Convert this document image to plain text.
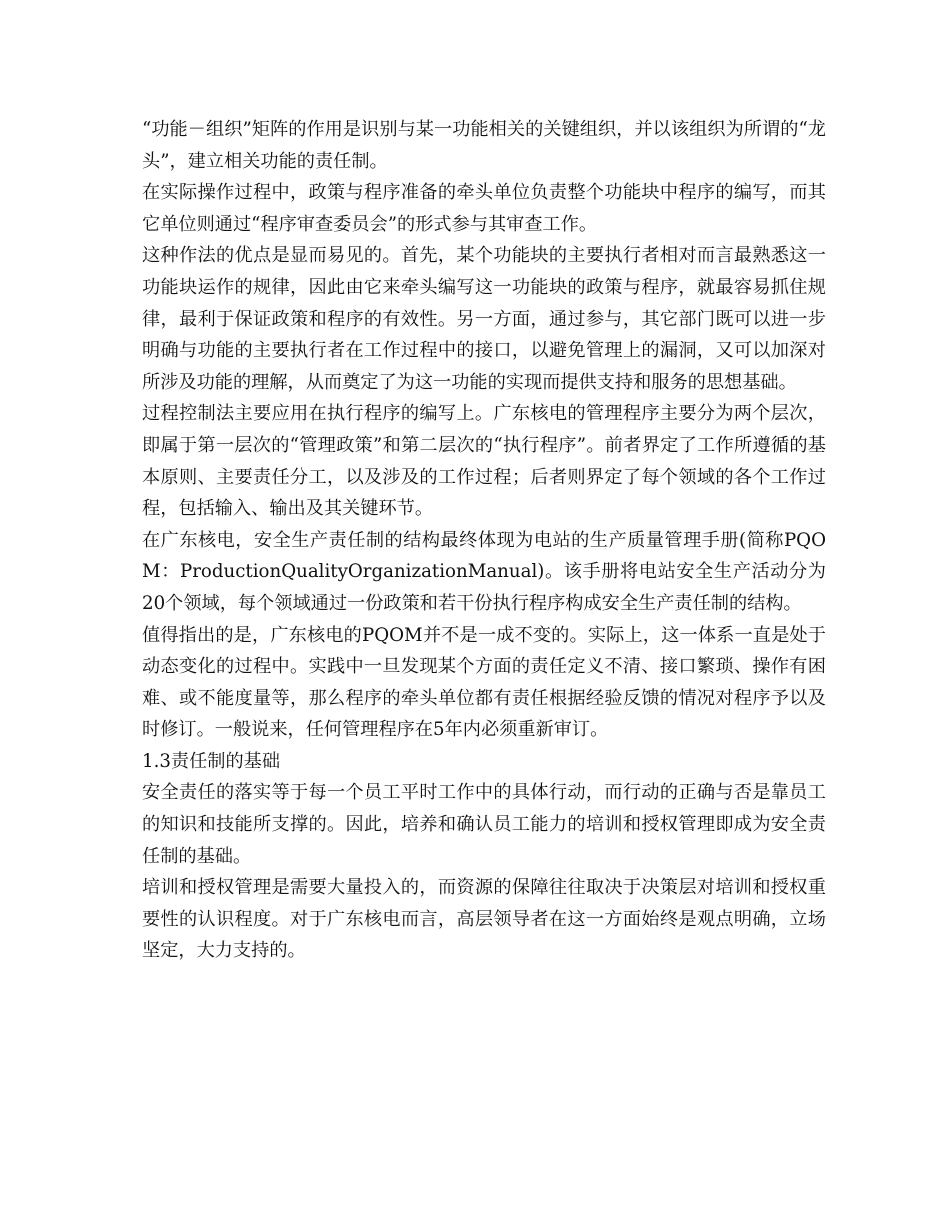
“功能－组织”矩阵的作用是识别与某一功能相关的关键组织，并以该组织为所谓的“龙头”，建立相关功能的责任制。

在实际操作过程中，政策与程序准备的牵头单位负责整个功能块中程序的编写，而其它单位则通过“程序审查委员会”的形式参与其审查工作。

这种作法的优点是显而易见的。首先，某个功能块的主要执行者相对而言最熟悉这一功能块运作的规律，因此由它来牵头编写这一功能块的政策与程序，就最容易抓住规律，最利于保证政策和程序的有效性。另一方面，通过参与，其它部门既可以进一步明确与功能的主要执行者在工作过程中的接口，以避免管理上的漏洞，又可以加深对所涉及功能的理解，从而奠定了为这一功能的实现而提供支持和服务的思想基础。

过程控制法主要应用在执行程序的编写上。广东核电的管理程序主要分为两个层次，即属于第一层次的“管理政策”和第二层次的“执行程序”。前者界定了工作所遵循的基本原则、主要责任分工，以及涉及的工作过程；后者则界定了每个领域的各个工作过程，包括输入、输出及其关键环节。

在广东核电，安全生产责任制的结构最终体现为电站的生产质量管理手册(简称PQOM：ProductionQualityOrganizationManual)。该手册将电站安全生产活动分为20个领域，每个领域通过一份政策和若干份执行程序构成安全生产责任制的结构。

值得指出的是，广东核电的PQOM并不是一成不变的。实际上，这一体系一直是处于动态变化的过程中。实践中一旦发现某个方面的责任定义不清、接口繁琐、操作有困难、或不能度量等，那么程序的牵头单位都有责任根据经验反馈的情况对程序予以及时修订。一般说来，任何管理程序在5年内必须重新审订。

1.3责任制的基础

安全责任的落实等于每一个员工平时工作中的具体行动，而行动的正确与否是靠员工的知识和技能所支撑的。因此，培养和确认员工能力的培训和授权管理即成为安全责任制的基础。

培训和授权管理是需要大量投入的，而资源的保障往往取决于决策层对培训和授权重要性的认识程度。对于广东核电而言，高层领导者在这一方面始终是观点明确，立场坚定，大力支持的。
